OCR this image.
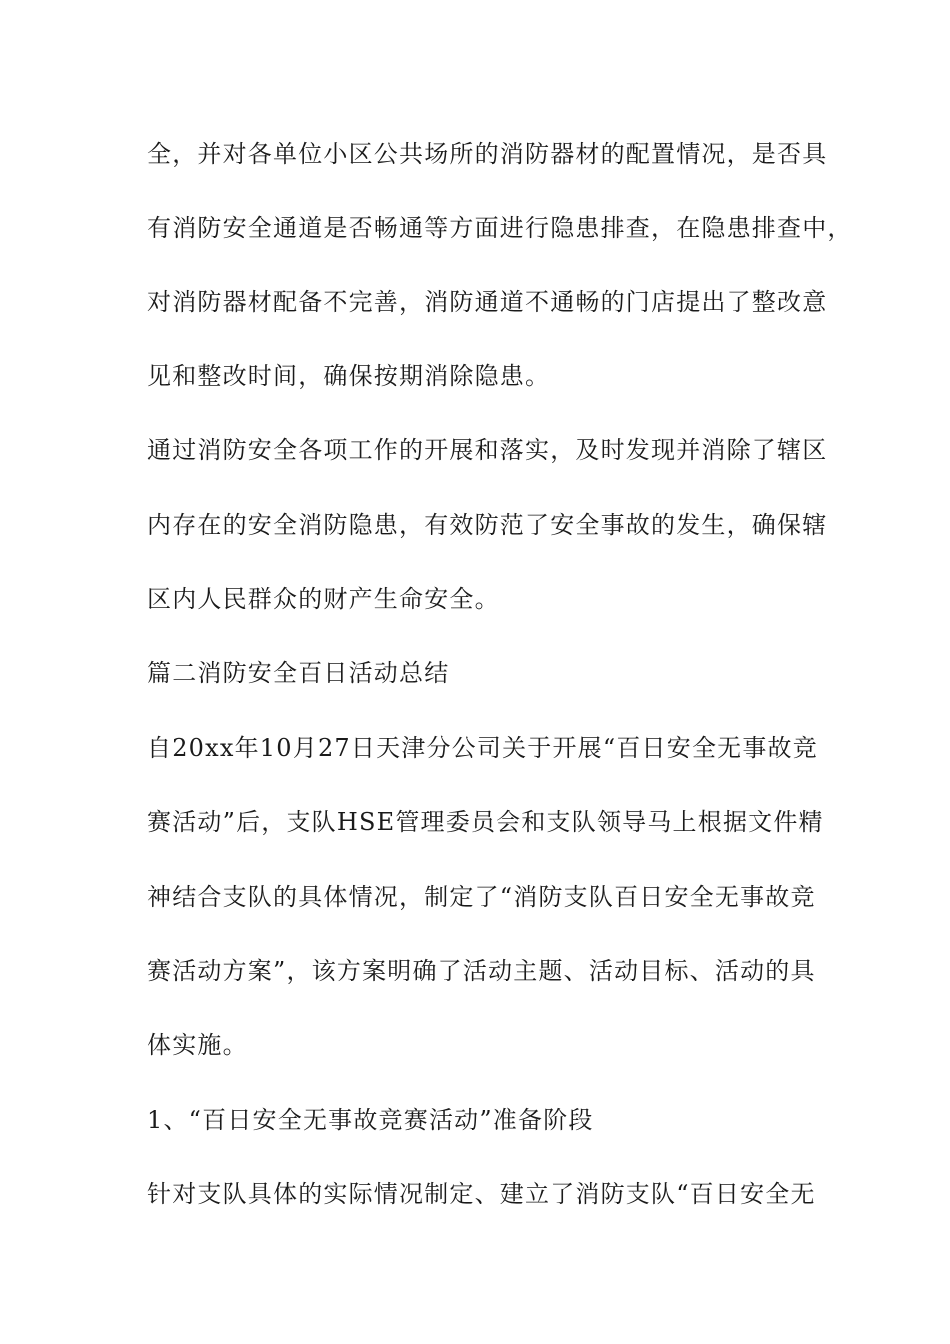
全，并对各单位小区公共场所的消防器材的配置情况，是否具
有消防安全通道是否畅通等方面进行隐患排查，在隐患排查中，
对消防器材配备不完善，消防通道不通畅的门店提出了整改意
见和整改时间，确保按期消除隐患。
通过消防安全各项工作的开展和落实，及时发现并消除了辖区
内存在的安全消防隐患，有效防范了安全事故的发生，确保辖
区内人民群众的财产生命安全。
篇二消防安全百日活动总结
自20xx年10月27日天津分公司关于开展“百日安全无事故竞
赛活动”后，支队HSE管理委员会和支队领导马上根据文件精
神结合支队的具体情况，制定了“消防支队百日安全无事故竞
赛活动方案”，该方案明确了活动主题、活动目标、活动的具
体实施。
1、“百日安全无事故竞赛活动”准备阶段
针对支队具体的实际情况制定、建立了消防支队“百日安全无
